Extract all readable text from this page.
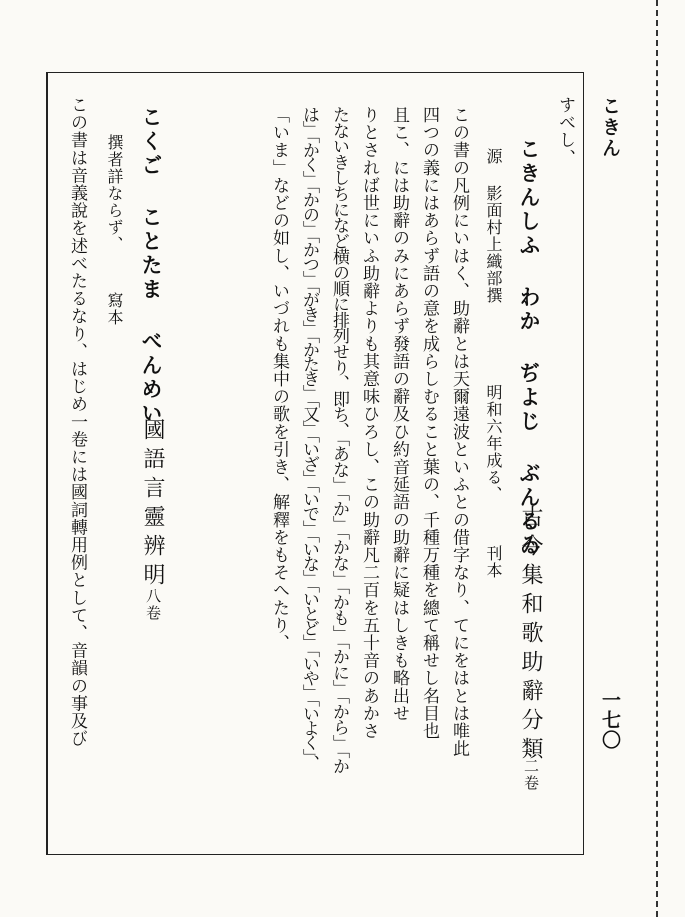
こきん
一七〇
すべし、
こきんしふ わか ぢよじ ぶんるゐ
古今集和歌助辭分類
二卷
源 影面村上織部撰
明和六年成る、
刊本
この書の凡例にいはく、助辭とは天爾遠波といふとの借字なり、てにをはとは唯此
四つの義にはあらず語の意を成らしむること葉の、千種万種を總て稱せし名目也
且こ、には助辭のみにあらず發語の辭及ひ約音延語の助辭に疑はしきも略出せ
りとされば世にいふ助辭よりも其意味ひろし、この助辭凡二百を五十音のあかさ
たないきしちになど横の順に排列せり、即ち、「あな」「か」「かな」「かも」「かに」「から」「か
は」「かく」「かの」「かつ」「がき」「かたき」「又」「いざ」「いで」「いな」「いとど」「いや」「いよく」、
「いま」などの如し、いづれも集中の歌を引き、解釋をもそへたり、
こくご ことたま べんめい
國語言靈辨明
八卷
撰者詳ならず、
寫本
この書は音義說を述べたるなり、はじめ一卷には國詞轉用例として、音韻の事及び
